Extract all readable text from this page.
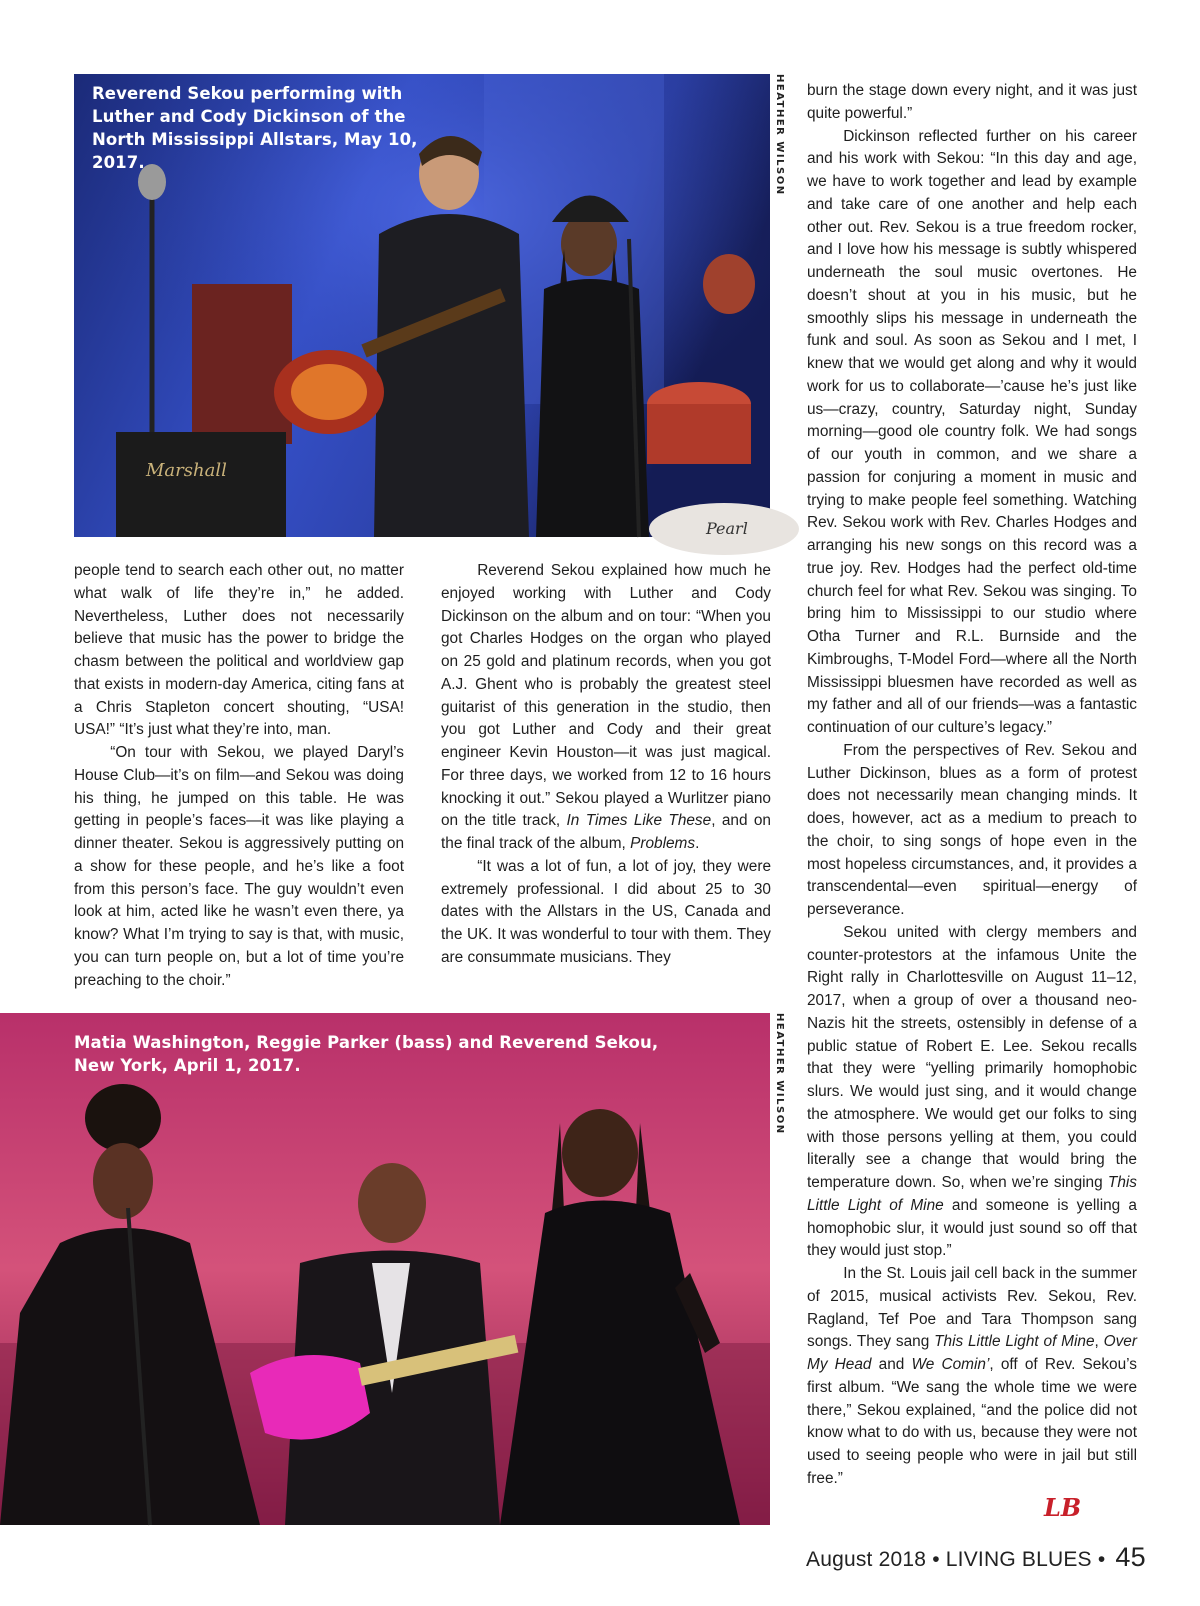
Marshall
Pearl
Reverend Sekou performing with Luther and Cody Dickinson of the North Mississippi Allstars, May 10, 2017.	HEATHER WILSON
Matia Washington, Reggie Parker (bass) and Reverend Sekou, New York, April 1, 2017.	HEATHER WILSON

people tend to search each other out, no matter what walk of life they’re in,” he added. Nevertheless, Luther does not necessarily believe that music has the power to bridge the chasm between the political and worldview gap that exists in modern-day America, citing fans at a Chris Stapleton concert shouting, “USA! USA!” “It’s just what they’re into, man.

“On tour with Sekou, we played Daryl’s House Club—it’s on film—and Sekou was doing his thing, he jumped on this table. He was getting in people’s faces—it was like playing a dinner theater. Sekou is aggressively putting on a show for these people, and he’s like a foot from this person’s face. The guy wouldn’t even look at him, acted like he wasn’t even there, ya know? What I’m trying to say is that, with music, you can turn people on, but a lot of time you’re preaching to the choir.”

Reverend Sekou explained how much he enjoyed working with Luther and Cody Dickinson on the album and on tour: “When you got Charles Hodges on the organ who played on 25 gold and platinum records, when you got A.J. Ghent who is probably the greatest steel guitarist of this generation in the studio, then you got Luther and Cody and their great engineer Kevin Houston—it was just magical. For three days, we worked from 12 to 16 hours knocking it out.” Sekou played a Wurlitzer piano on the title track, In Times Like These, and on the final track of the album, Problems.

“It was a lot of fun, a lot of joy, they were extremely professional. I did about 25 to 30 dates with the Allstars in the US, Canada and the UK. It was wonderful to tour with them. They are consummate musicians. They

burn the stage down every night, and it was just quite powerful.”

Dickinson reflected further on his career and his work with Sekou: “In this day and age, we have to work together and lead by example and take care of one another and help each other out. Rev. Sekou is a true freedom rocker, and I love how his message is subtly whispered underneath the soul music overtones. He doesn’t shout at you in his music, but he smoothly slips his message in underneath the funk and soul. As soon as Sekou and I met, I knew that we would get along and why it would work for us to collaborate—’cause he’s just like us—crazy, country, Saturday night, Sunday morning—good ole country folk. We had songs of our youth in common, and we share a passion for conjuring a moment in music and trying to make people feel something. Watching Rev. Sekou work with Rev. Charles Hodges and arranging his new songs on this record was a true joy. Rev. Hodges had the perfect old-time church feel for what Rev. Sekou was singing. To bring him to Mississippi to our studio where Otha Turner and R.L. Burnside and the Kimbroughs, T-Model Ford—where all the North Mississippi bluesmen have recorded as well as my father and all of our friends—was a fantastic continuation of our culture’s legacy.”

From the perspectives of Rev. Sekou and Luther Dickinson, blues as a form of protest does not necessarily mean changing minds. It does, however, act as a medium to preach to the choir, to sing songs of hope even in the most hopeless circumstances, and, it provides a transcendental—even spiritual—energy of perseverance.

Sekou united with clergy members and counter-protestors at the infamous Unite the Right rally in Charlottesville on August 11–12, 2017, when a group of over a thousand neo-Nazis hit the streets, ostensibly in defense of a public statue of Robert E. Lee. Sekou recalls that they were “yelling primarily homophobic slurs. We would just sing, and it would change the atmosphere. We would get our folks to sing with those persons yelling at them, you could literally see a change that would bring the temperature down. So, when we’re singing This Little Light of Mine and someone is yelling a homophobic slur, it would just sound so off that they would just stop.”

In the St. Louis jail cell back in the summer of 2015, musical activists Rev. Sekou, Rev. Ragland, Tef Poe and Tara Thompson sang songs. They sang This Little Light of Mine, Over My Head and We Comin’, off of Rev. Sekou’s first album. “We sang the whole time we were there,” Sekou explained, “and the police did not know what to do with us, because they were not used to seeing people who were in jail but still free.”

LB
August 2018 • LIVING BLUES • 45
